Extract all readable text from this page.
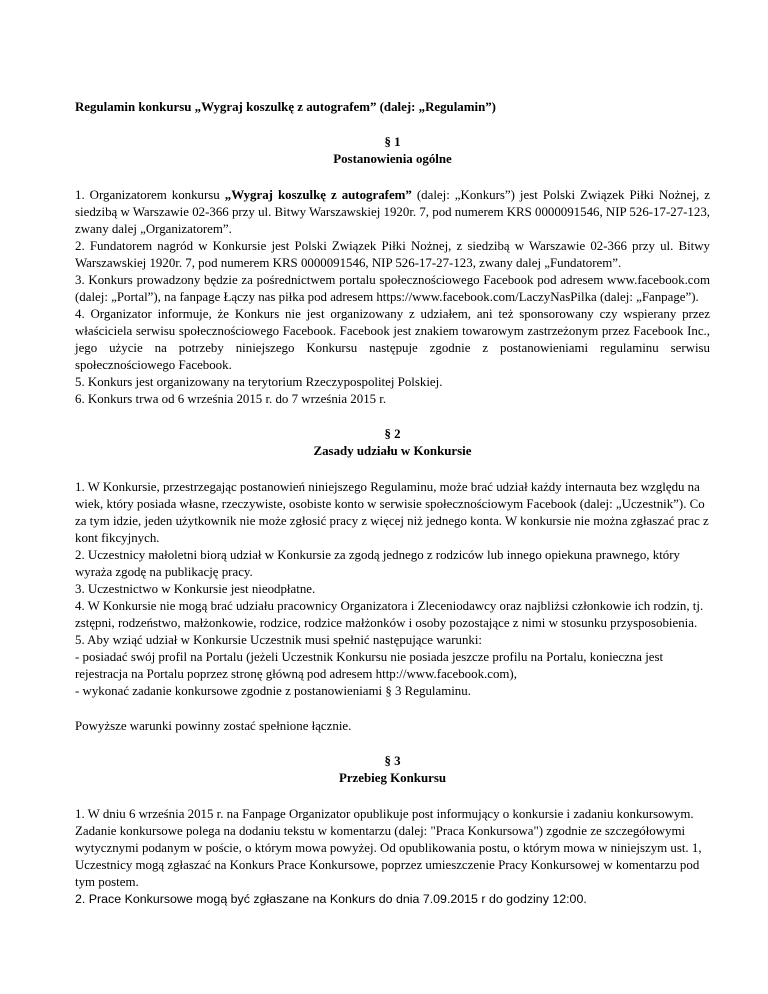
Regulamin konkursu „Wygraj koszulkę z autografem” (dalej: „Regulamin”)

§ 1
Postanowienia ogólne

1. Organizatorem konkursu „Wygraj koszulkę z autografem” (dalej: „Konkurs”) jest Polski Związek Piłki Nożnej, z siedzibą w Warszawie 02-366 przy ul. Bitwy Warszawskiej 1920r. 7, pod numerem KRS 0000091546, NIP 526-17-27-123, zwany dalej „Organizatorem”.

2. Fundatorem nagród w Konkursie jest Polski Związek Piłki Nożnej, z siedzibą w Warszawie 02-366 przy ul. Bitwy Warszawskiej 1920r. 7, pod numerem KRS 0000091546, NIP 526-17-27-123, zwany dalej „Fundatorem”.

3. Konkurs prowadzony będzie za pośrednictwem portalu społecznościowego Facebook pod adresem www.facebook.com (dalej: „Portal”), na fanpage Łączy nas piłka pod adresem https://www.facebook.com/LaczyNasPilka (dalej: „Fanpage”).

4. Organizator informuje, że Konkurs nie jest organizowany z udziałem, ani też sponsorowany czy wspierany przez właściciela serwisu społecznościowego Facebook. Facebook jest znakiem towarowym zastrzeżonym przez Facebook Inc., jego użycie na potrzeby niniejszego Konkursu następuje zgodnie z postanowieniami regulaminu serwisu społecznościowego Facebook.

5. Konkurs jest organizowany na terytorium Rzeczypospolitej Polskiej.

6. Konkurs trwa od 6 września 2015 r. do 7 września 2015 r.

§ 2
Zasady udziału w Konkursie

1. W Konkursie, przestrzegając postanowień niniejszego Regulaminu, może brać udział każdy internauta bez względu na wiek, który posiada własne, rzeczywiste, osobiste konto w serwisie społecznościowym Facebook (dalej: „Uczestnik”). Co za tym idzie, jeden użytkownik nie może zgłosić pracy z więcej niż jednego konta. W konkursie nie można zgłaszać prac z kont fikcyjnych.

2. Uczestnicy małoletni biorą udział w Konkursie za zgodą jednego z rodziców lub innego opiekuna prawnego, który wyraża zgodę na publikację pracy.

3. Uczestnictwo w Konkursie jest nieodpłatne.

4. W Konkursie nie mogą brać udziału pracownicy Organizatora i Zleceniodawcy oraz najbliżsi członkowie ich rodzin, tj. zstępni, rodzeństwo, małżonkowie, rodzice, rodzice małżonków i osoby pozostające z nimi w stosunku przysposobienia.

5. Aby wziąć udział w Konkursie Uczestnik musi spełnić następujące warunki:

- posiadać swój profil na Portalu (jeżeli Uczestnik Konkursu nie posiada jeszcze profilu na Portalu, konieczna jest rejestracja na Portalu poprzez stronę główną pod adresem http://www.facebook.com),

- wykonać zadanie konkursowe zgodnie z postanowieniami § 3 Regulaminu.

Powyższe warunki powinny zostać spełnione łącznie.

§ 3
Przebieg Konkursu

1. W dniu 6 września 2015 r. na Fanpage Organizator opublikuje post informujący o konkursie i zadaniu konkursowym. Zadanie konkursowe polega na dodaniu tekstu w komentarzu (dalej: "Praca Konkursowa") zgodnie ze szczegółowymi wytycznymi podanym w poście, o którym mowa powyżej. Od opublikowania postu, o którym mowa w niniejszym ust. 1, Uczestnicy mogą zgłaszać na Konkurs Prace Konkursowe, poprzez umieszczenie Pracy Konkursowej w komentarzu pod tym postem.

2. Prace Konkursowe mogą być zgłaszane na Konkurs do dnia 7.09.2015 r do godziny 12:00.
